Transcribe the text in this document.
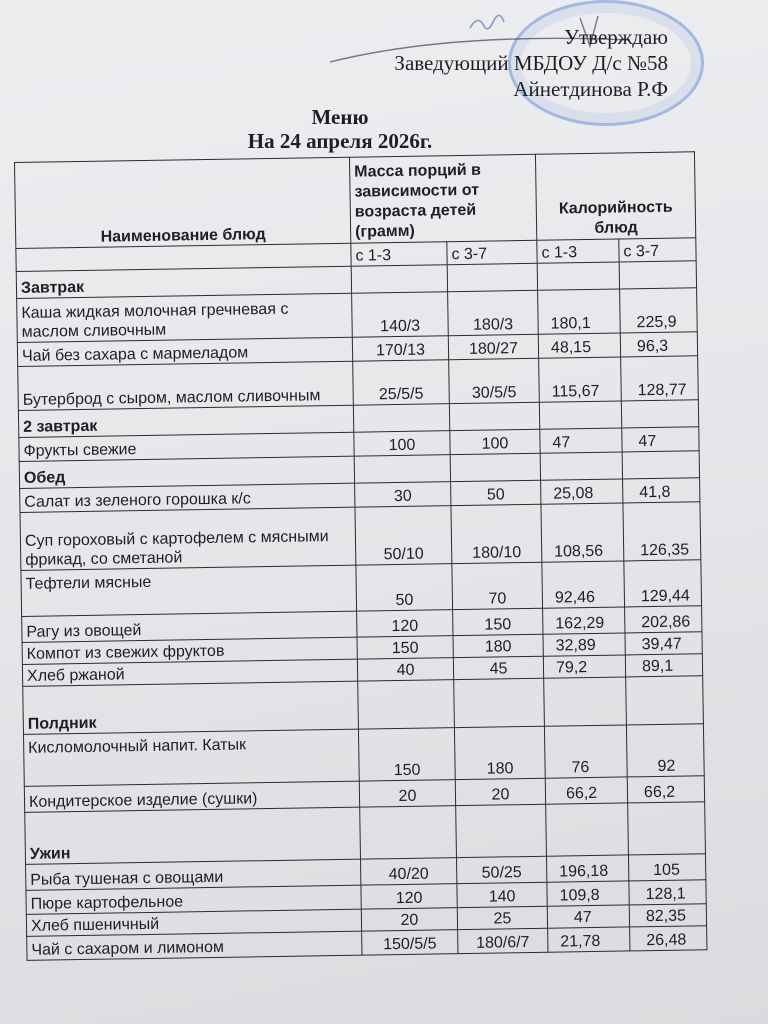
Утверждаю
Заведующий МБДОУ Д/с №58
Айнетдинова Р.Ф
Меню
На 24 апреля 2026г.
Наименование блюд	Масса порций в зависимости от возраста детей (грамм)		Калорийность блюд	
	с 1-3	с 3-7	с 1-3	с 3-7
Завтрак				
Каша жидкая молочная гречневая с маслом сливочным	140/3	180/3	180,1	225,9
Чай без сахара с мармеладом	170/13	180/27	48,15	96,3
Бутерброд с сыром, маслом сливочным	25/5/5	30/5/5	115,67	128,77
2 завтрак				
Фрукты свежие	100	100	47	47
Обед				
Салат из зеленого горошка к/с	30	50	25,08	41,8
Суп гороховый с картофелем с мясными фрикад, со сметаной	50/10	180/10	108,56	126,35
Тефтели мясные	50	70	92,46	129,44
Рагу из овощей	120	150	162,29	202,86
Компот из свежих фруктов	150	180	32,89	39,47
Хлеб ржаной	40	45	79,2	89,1
Полдник				
Кисломолочный напит. Катык	150	180	76	92
Кондитерское изделие (сушки)	20	20	66,2	66,2
Ужин				
Рыба тушеная с овощами	40/20	50/25	196,18	105
Пюре картофельное	120	140	109,8	128,1
Хлеб пшеничный	20	25	47	82,35
Чай с сахаром и лимоном	150/5/5	180/6/7	21,78	26,48
